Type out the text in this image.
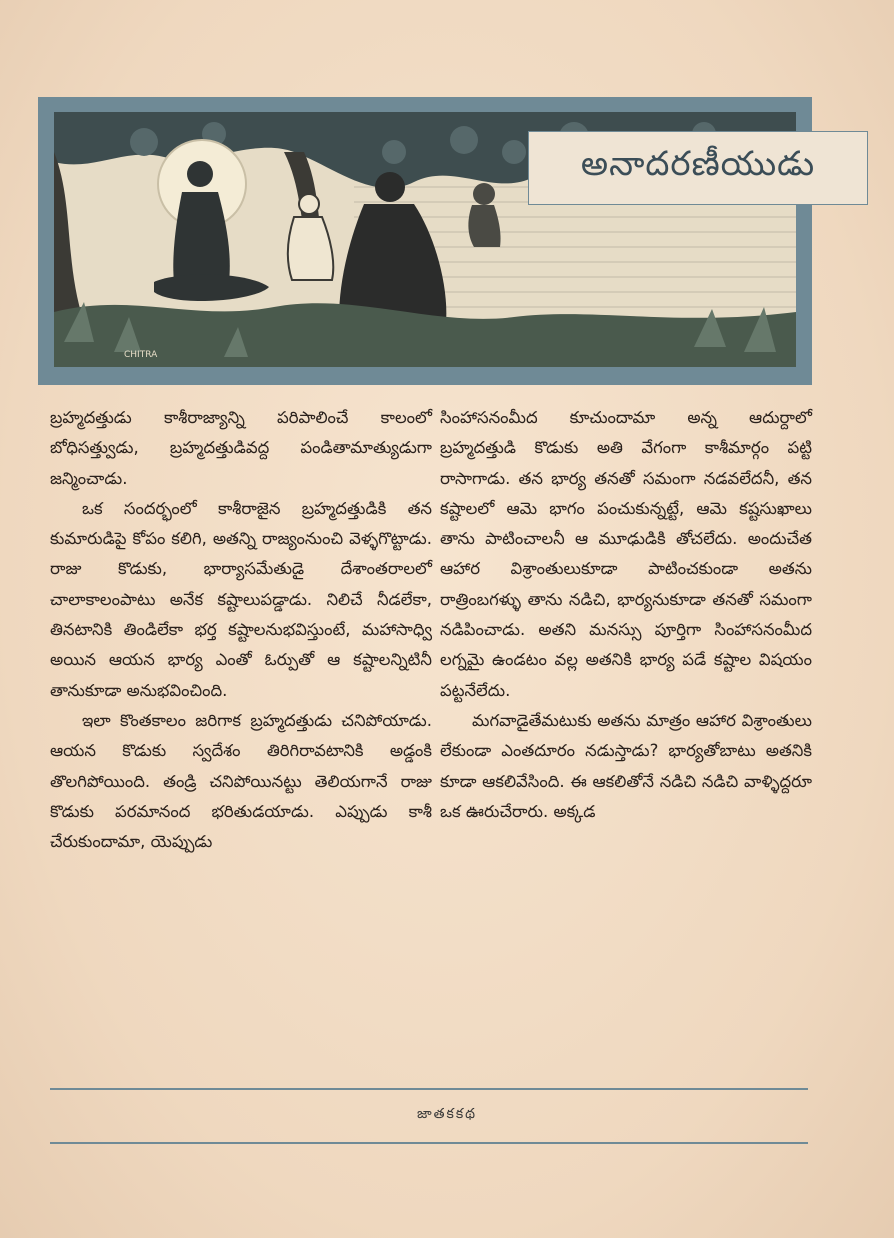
CHITRA
అనాదరణీయుడు

బ్రహ్మదత్తుడు కాశీరాజ్యాన్ని పరిపాలించే కాలంలో బోధిసత్త్వుడు, బ్రహ్మదత్తుడివద్ద పండితామాత్యుడుగా జన్మించాడు.

ఒక సందర్భంలో కాశీరాజైన బ్రహ్మదత్తుడికి తన కుమారుడిపై కోపం కలిగి, అతన్ని రాజ్యంనుంచి వెళ్ళగొట్టాడు. రాజు కొడుకు, భార్యాసమేతుడై దేశాంతరాలలో చాలాకాలంపాటు అనేక కష్టాలుపడ్డాడు. నిలిచే నీడలేకా, తినటానికి తిండిలేకా భర్త కష్టాలనుభవిస్తుంటే, మహాసాధ్వి అయిన ఆయన భార్య ఎంతో ఓర్పుతో ఆ కష్టాలన్నిటినీ తానుకూడా అనుభవించింది.

ఇలా కొంతకాలం జరిగాక బ్రహ్మదత్తుడు చనిపోయాడు. ఆయన కొడుకు స్వదేశం తిరిగిరావటానికి అడ్డంకి తొలగిపోయింది. తండ్రి చనిపోయినట్టు తెలియగానే రాజు కొడుకు పరమానంద భరితుడయాడు. ఎప్పుడు కాశీ చేరుకుందామా, యెప్పుడు

సింహాసనంమీద కూచుందామా అన్న ఆదుర్దాలో బ్రహ్మదత్తుడి కొడుకు అతి వేగంగా కాశీమార్గం పట్టి రాసాగాడు. తన భార్య తనతో సమంగా నడవలేదనీ, తన కష్టాలలో ఆమె భాగం పంచుకున్నట్టే, ఆమె కష్టసుఖాలు తాను పాటించాలనీ ఆ మూఢుడికి తోచలేదు. అందుచేత ఆహార విశ్రాంతులుకూడా పాటించకుండా అతను రాత్రింబగళ్ళు తాను నడిచి, భార్యనుకూడా తనతో సమంగా నడిపించాడు. అతని మనస్సు పూర్తిగా సింహాసనంమీద లగ్నమై ఉండటం వల్ల అతనికి భార్య పడే కష్టాల విషయం పట్టనేలేదు.

మగవాడైతేమటుకు అతను మాత్రం ఆహార విశ్రాంతులు లేకుండా ఎంతదూరం నడుస్తాడు? భార్యతోబాటు అతనికి కూడా ఆకలివేసింది. ఈ ఆకలితోనే నడిచి నడిచి వాళ్ళిద్దరూ ఒక ఊరుచేరారు. అక్కడ

జాతకకథ
